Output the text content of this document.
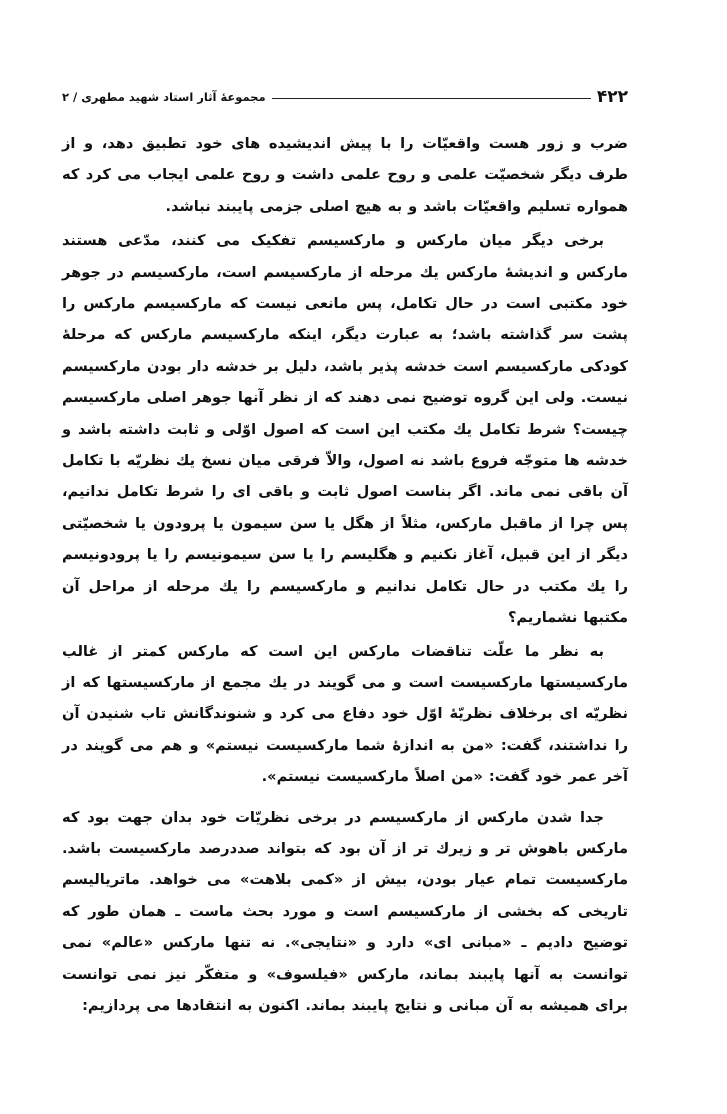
۴۲۲
مجموعهٔ آثار استاد شهید مطهری / ۲

ضرب و زور هست واقعیّات را با پیش اندیشیده های خود تطبیق دهد، و از طرف دیگر شخصیّت علمی و روح علمی داشت و روح علمی ایجاب می کرد که همواره تسلیم واقعیّات باشد و به هیچ اصلی جزمی پایبند نباشد.

برخی دیگر میان مارکس و مارکسیسم تفکیک می کنند، مدّعی هستند مارکس و اندیشهٔ مارکس یك مرحله از مارکسیسم است، مارکسیسم در جوهر خود مکتبی است در حال تکامل، پس مانعی نیست که مارکسیسم مارکس را پشت سر گذاشته باشد؛ به عبارت دیگر، اینکه مارکسیسم مارکس که مرحلهٔ کودکی مارکسیسم است خدشه پذیر باشد، دلیل بر خدشه دار بودن مارکسیسم نیست. ولی این گروه توضیح نمی دهند که از نظر آنها جوهر اصلی مارکسیسم چیست؟ شرط تکامل یك مکتب این است که اصول اوّلی و ثابت داشته باشد و خدشه ها متوجّه فروع باشد نه اصول، والاّ فرقی میان نسخ یك نظریّه با تکامل آن باقی نمی ماند. اگر بناست اصول ثابت و باقی ای را شرط تکامل ندانیم، پس چرا از ماقبل مارکس، مثلاً از هگل یا سن سیمون یا پرودون یا شخصیّتی دیگر از این قبیل، آغاز نکنیم و هگلیسم را یا سن سیمونیسم را یا پرودونیسم را یك مکتب در حال تکامل ندانیم و مارکسیسم را یك مرحله از مراحل آن مکتبها نشماریم؟

به نظر ما علّت تناقضات مارکس این است که مارکس کمتر از غالب مارکسیستها مارکسیست است و می گویند در یك مجمع از مارکسیستها که از نظریّه ای برخلاف نظریّهٔ اوّل خود دفاع می کرد و شنوندگانش تاب شنیدن آن را نداشتند، گفت: «من به اندازهٔ شما مارکسیست نیستم» و هم می گویند در آخر عمر خود گفت: «من اصلاً مارکسیست نیستم».

جدا شدن مارکس از مارکسیسم در برخی نظریّات خود بدان جهت بود که مارکس باهوش تر و زیرك تر از آن بود که بتواند صددرصد مارکسیست باشد. مارکسیست تمام عیار بودن، بیش از «کمی بلاهت» می خواهد. ماتریالیسم تاریخی که بخشی از مارکسیسم است و مورد بحث ماست ـ همان طور که توضیح دادیم ـ «مبانی ای» دارد و «نتایجی». نه تنها مارکس «عالم» نمی توانست به آنها پایبند بماند، مارکس «فیلسوف» و متفکّر نیز نمی توانست برای همیشه به آن مبانی و نتایج پایبند بماند. اکنون به انتقادها می پردازیم:
